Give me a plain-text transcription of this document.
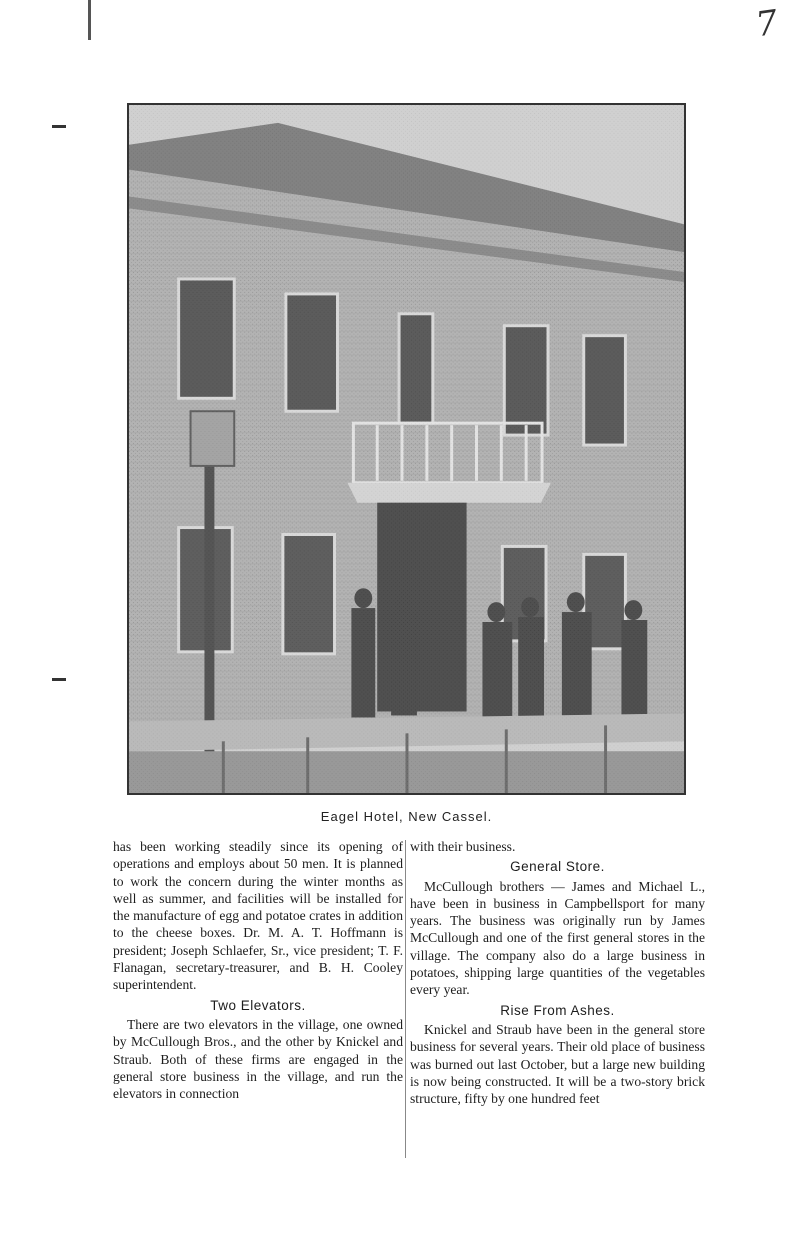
7
Eagel Hotel, New Cassel.

has been working steadily since its opening of operations and employs about 50 men. It is planned to work the concern during the winter months as well as summer, and facilities will be installed for the manufacture of egg and potatoe crates in addition to the cheese boxes. Dr. M. A. T. Hoffmann is president; Joseph Schlaefer, Sr., vice president; T. F. Flanagan, secretary-treasurer, and B. H. Cooley superintendent.

Two Elevators.

There are two elevators in the village, one owned by McCullough Bros., and the other by Knickel and Straub. Both of these firms are engaged in the general store business in the village, and run the elevators in connection

with their business.

General Store.

McCullough brothers — James and Michael L., have been in business in Campbellsport for many years. The business was originally run by James McCullough and one of the first general stores in the village. The company also do a large business in potatoes, shipping large quantities of the vegetables every year.

Rise From Ashes.

Knickel and Straub have been in the general store business for several years. Their old place of business was burned out last October, but a large new building is now being constructed. It will be a two-story brick structure, fifty by one hundred feet
